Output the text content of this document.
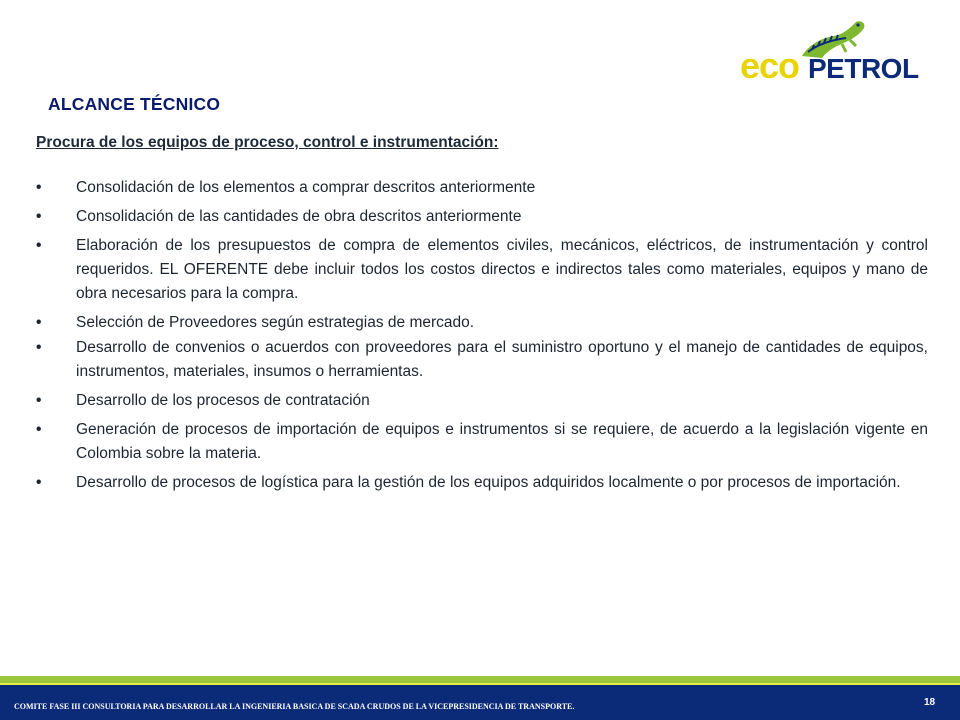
eco PETROL
ALCANCE TÉCNICO
Procura de los equipos de proceso, control e instrumentación:
• Consolidación de los elementos a comprar descritos anteriormente
• Consolidación de las cantidades de obra descritos anteriormente
• Elaboración de los presupuestos de compra de elementos civiles, mecánicos, eléctricos, de instrumentación y control requeridos. EL OFERENTE debe incluir todos los costos directos e indirectos tales como materiales, equipos y mano de obra necesarios para la compra.
• Selección de Proveedores según estrategias de mercado.
• Desarrollo de convenios o acuerdos con proveedores para el suministro oportuno y el manejo de cantidades de equipos, instrumentos, materiales, insumos o herramientas.
• Desarrollo de los procesos de contratación
• Generación de procesos de importación de equipos e instrumentos si se requiere, de acuerdo a la legislación vigente en Colombia sobre la materia.
• Desarrollo de procesos de logística para la gestión de los equipos adquiridos localmente o por procesos de importación.
COMITE FASE III CONSULTORIA PARA DESARROLLAR LA INGENIERIA BASICA DE SCADA CRUDOS DE LA VICEPRESIDENCIA DE TRANSPORTE.	18
